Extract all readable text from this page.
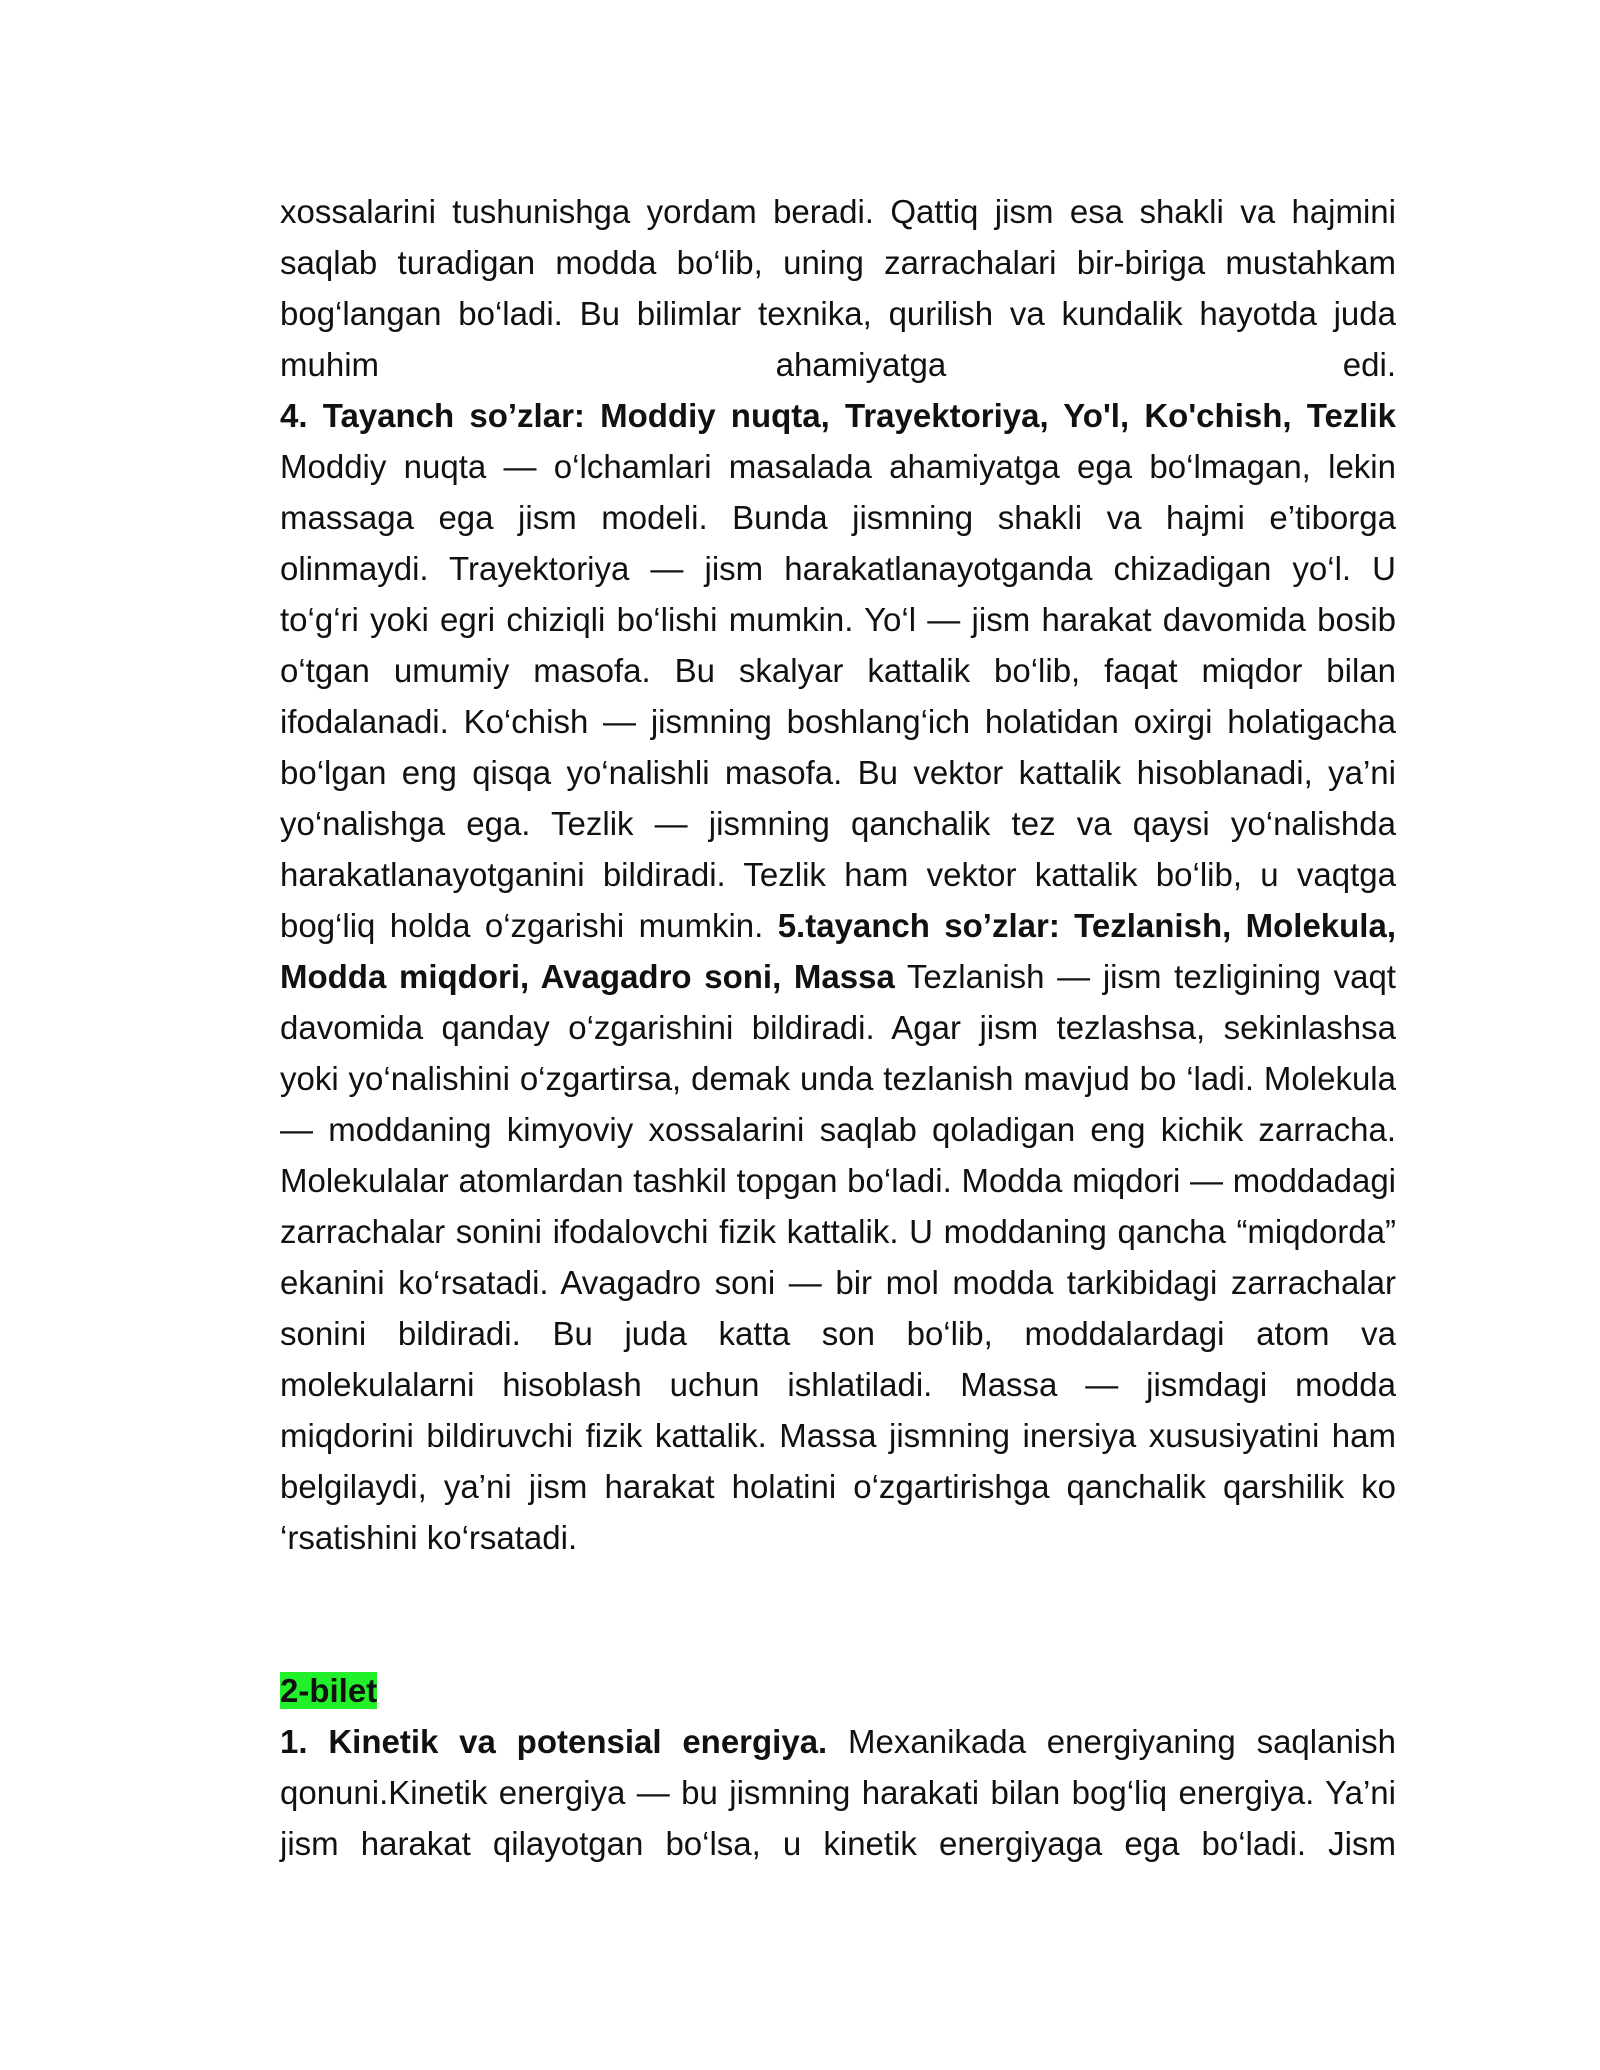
xossalarini tushunishga yordam beradi. Qattiq jism esa shakli va hajmini saqlab turadigan modda bo‘lib, uning zarrachalari bir-biriga mustahkam bog‘langan bo‘ladi. Bu bilimlar texnika, qurilish va kundalik hayotda juda muhim ahamiyatga edi.

4. Tayanch so’zlar: Moddiy nuqta, Trayektoriya, Yo'l, Ko'chish, Tezlik Moddiy nuqta — o‘lchamlari masalada ahamiyatga ega bo‘lmagan, lekin massaga ega jism modeli. Bunda jismning shakli va hajmi e’tiborga olinmaydi. Trayektoriya — jism harakatlanayotganda chizadigan yo‘l. U to‘g‘ri yoki egri chiziqli bo‘lishi mumkin. Yo‘l — jism harakat davomida bosib o‘tgan umumiy masofa. Bu skalyar kattalik bo‘lib, faqat miqdor bilan ifodalanadi. Ko‘chish — jismning boshlang‘ich holatidan oxirgi holatigacha bo‘lgan eng qisqa yo‘nalishli masofa. Bu vektor kattalik hisoblanadi, ya’ni yo‘nalishga ega. Tezlik — jismning qanchalik tez va qaysi yo‘nalishda harakatlanayotganini bildiradi. Tezlik ham vektor kattalik bo‘lib, u vaqtga bog‘liq holda o‘zgarishi mumkin. 5.tayanch so’zlar: Tezlanish, Molekula, Modda miqdori, Avagadro soni, Massa Tezlanish — jism tezligining vaqt davomida qanday o‘zgarishini bildiradi. Agar jism tezlashsa, sekinlashsa yoki yo‘nalishini o‘zgartirsa, demak unda tezlanish mavjud bo ‘ladi. Molekula — moddaning kimyoviy xossalarini saqlab qoladigan eng kichik zarracha. Molekulalar atomlardan tashkil topgan bo‘ladi. Modda miqdori — moddadagi zarrachalar sonini ifodalovchi fizik kattalik. U moddaning qancha “miqdorda” ekanini ko‘rsatadi. Avagadro soni — bir mol modda tarkibidagi zarrachalar sonini bildiradi. Bu juda katta son bo‘lib, moddalardagi atom va molekulalarni hisoblash uchun ishlatiladi. Massa — jismdagi modda miqdorini bildiruvchi fizik kattalik. Massa jismning inersiya xususiyatini ham belgilaydi, ya’ni jism harakat holatini o‘zgartirishga qanchalik qarshilik ko ‘rsatishini ko‘rsatadi.

2-bilet

1. Kinetik va potensial energiya. Mexanikada energiyaning saqlanish qonuni.Kinetik energiya — bu jismning harakati bilan bog‘liq energiya. Ya’ni jism harakat qilayotgan bo‘lsa, u kinetik energiyaga ega bo‘ladi. Jism
